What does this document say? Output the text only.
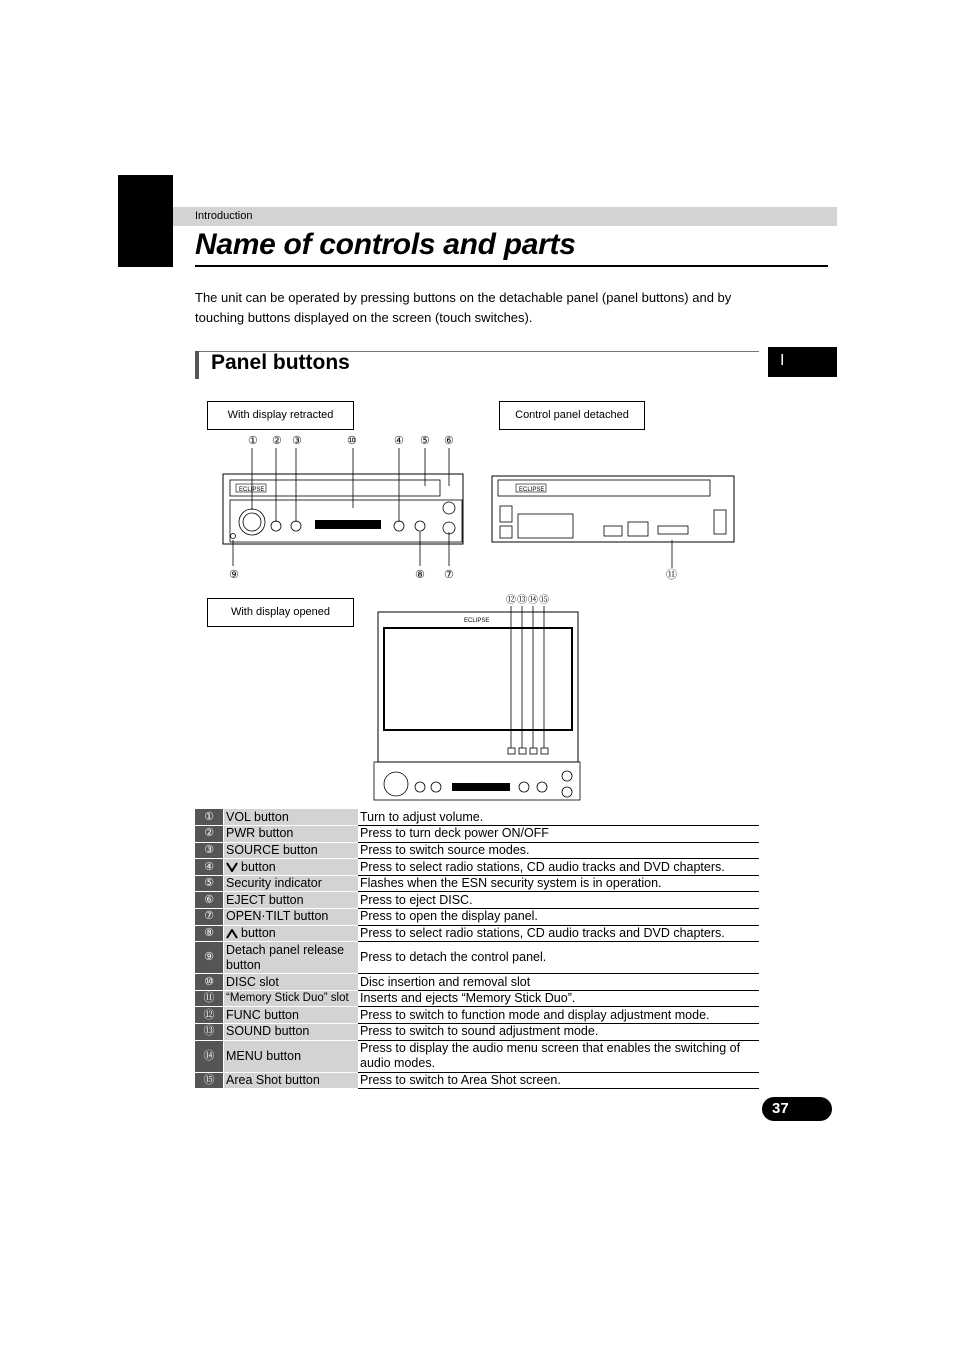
Introduction
Name of controls and parts
The unit can be operated by pressing buttons on the detachable panel (panel buttons) and by touching buttons displayed on the screen (touch switches).
Panel buttons	I
With display retracted	Control panel detached
With display opened
① ② ③	⑩	④ ⑤ ⑥
⑨	⑧ ⑦
ECLIPSE	ECLIPSE
⑪
⑫ ⑬ ⑭ ⑮
ECLIPSE
①	VOL button	Turn to adjust volume.
②	PWR button	Press to turn deck power ON/OFF
③	SOURCE button	Press to switch source modes.
④	button	Press to select radio stations, CD audio tracks and DVD chapters.
⑤	Security indicator	Flashes when the ESN security system is in operation.
⑥	EJECT button	Press to eject DISC.
⑦	OPEN·TILT button	Press to open the display panel.
⑧	button	Press to select radio stations, CD audio tracks and DVD chapters.
⑨	Detach panel release button	Press to detach the control panel.
⑩	DISC slot	Disc insertion and removal slot
⑪	“Memory Stick Duo” slot	Inserts and ejects “Memory Stick Duo”.
⑫	FUNC button	Press to switch to function mode and display adjustment mode.
⑬	SOUND button	Press to switch to sound adjustment mode.
⑭	MENU button	Press to display the audio menu screen that enables the switching of audio modes.
⑮	Area Shot button	Press to switch to Area Shot screen.
37
